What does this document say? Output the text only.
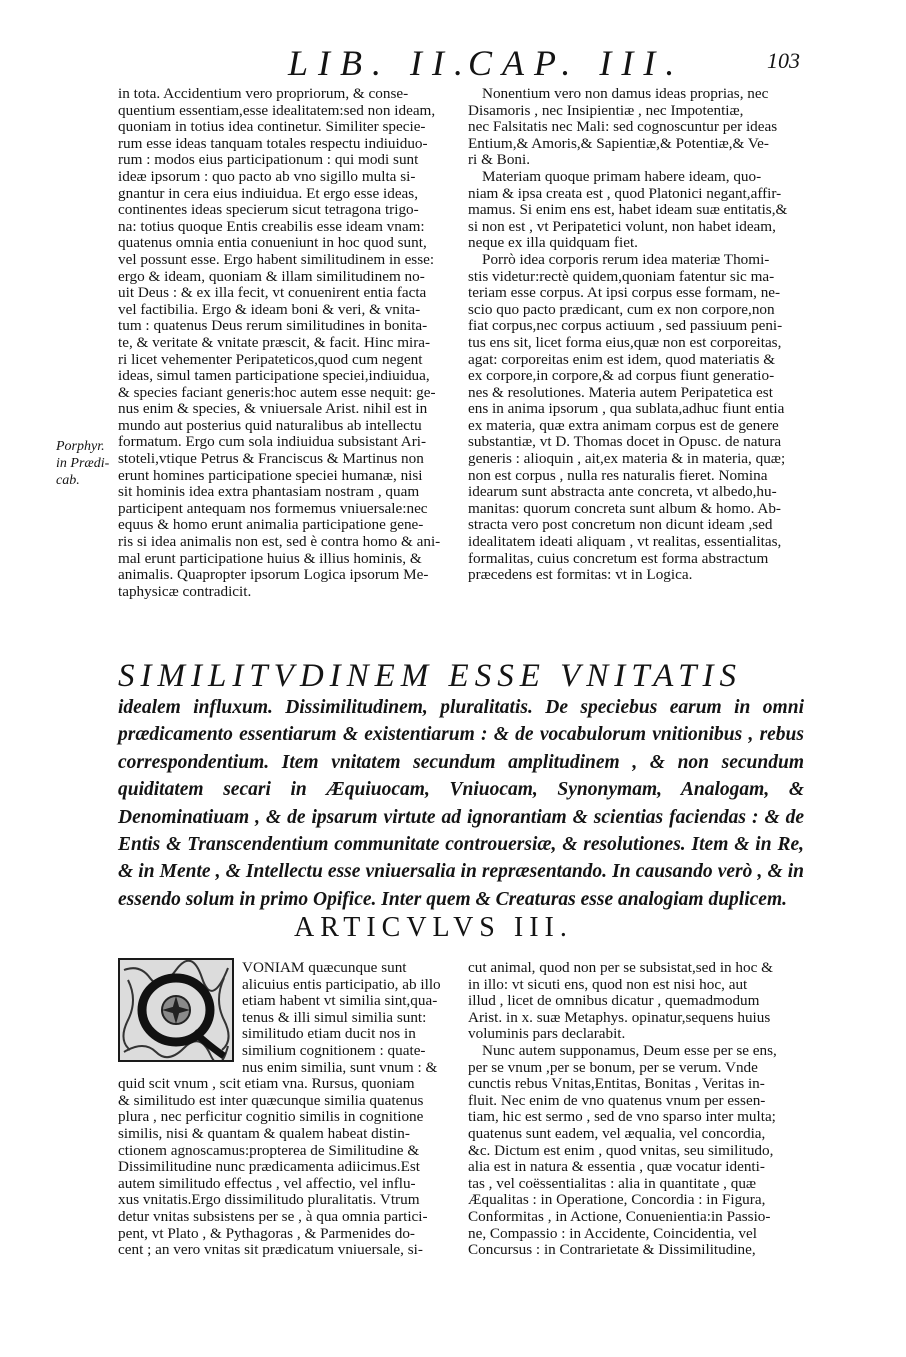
LIB. II.
CAP. III.	103

in tota. Accidentium vero propriorum, & conse-

quentium essentiam,esse idealitatem:sed non ideam,

quoniam in totius idea continetur. Similiter specie-

rum esse ideas tanquam totales respectu indiuiduo-

rum : modos eius participationum : qui modi sunt

ideæ ipsorum : quo pacto ab vno sigillo multa si-

gnantur in cera eius indiuidua. Et ergo esse ideas,

continentes ideas specierum sicut tetragona trigo-

na: totius quoque Entis creabilis esse ideam vnam:

quatenus omnia entia conueniunt in hoc quod sunt,

vel possunt esse. Ergo habent similitudinem in esse:

ergo & ideam, quoniam & illam similitudinem no-

uit Deus : & ex illa fecit, vt conuenirent entia facta

vel factibilia. Ergo & ideam boni & veri, & vnita-

tum : quatenus Deus rerum similitudines in bonita-

te, & veritate & vnitate præscit, & facit. Hinc mira-

ri licet vehementer Peripateticos,quod cum negent

ideas, simul tamen participatione speciei,indiuidua,

& species faciant generis:hoc autem esse nequit: ge-

nus enim & species, & vniuersale Arist. nihil est in

mundo aut posterius quid naturalibus ab intellectu

formatum. Ergo cum sola indiuidua subsistant Ari-

stoteli,vtique Petrus & Franciscus & Martinus non

erunt homines participatione speciei humanæ, nisi

sit hominis idea extra phantasiam nostram , quam

participent antequam nos formemus vniuersale:nec

equus & homo erunt animalia participatione gene-

ris si idea animalis non est, sed è contra homo & ani-

mal erunt participatione huius & illius hominis, &

animalis. Quapropter ipsorum Logica ipsorum Me-

taphysicæ contradicit.

Nonentium vero non damus ideas proprias, nec

Disamoris , nec Insipientiæ , nec Impotentiæ,

nec Falsitatis nec Mali: sed cognoscuntur per ideas

Entium,& Amoris,& Sapientiæ,& Potentiæ,& Ve-

ri & Boni.

Materiam quoque primam habere ideam, quo-

niam & ipsa creata est , quod Platonici negant,affir-

mamus. Si enim ens est, habet ideam suæ entitatis,&

si non est , vt Peripatetici volunt, non habet ideam,

neque ex illa quidquam fiet.

Porrò idea corporis rerum idea materiæ Thomi-

stis videtur:rectè quidem,quoniam fatentur sic ma-

teriam esse corpus. At ipsi corpus esse formam, ne-

scio quo pacto prædicant, cum ex non corpore,non

fiat corpus,nec corpus actiuum , sed passiuum peni-

tus ens sit, licet forma eius,quæ non est corporeitas,

agat: corporeitas enim est idem, quod materiatis &

ex corpore,in corpore,& ad corpus fiunt generatio-

nes & resolutiones. Materia autem Peripatetica est

ens in anima ipsorum , qua sublata,adhuc fiunt entia

ex materia, quæ extra animam corpus est de genere

substantiæ, vt D. Thomas docet in Opusc. de natura

generis : alioquin , ait,ex materia & in materia, quæ;

non est corpus , nulla res naturalis fieret. Nomina

idearum sunt abstracta ante concreta, vt albedo,hu-

manitas: quorum concreta sunt album & homo. Ab-

stracta vero post concretum non dicunt ideam ,sed

idealitatem ideati aliquam , vt realitas, essentialitas,

formalitas, cuius concretum est forma abstractum

præcedens est formitas: vt in Logica.

Porphyr.
in Prædi-
cab.
SIMILITVDINEM ESSE VNITATIS
idealem influxum. Dissimilitudinem, pluralitatis. De speciebus earum in omni prædicamento essentiarum & existentiarum : & de vocabulorum vnitionibus , rebus correspondentium. Item vnitatem secundum amplitudinem , & non secundum quiditatem secari in Æquiuocam, Vniuocam, Synonymam, Analogam, & Denominatiuam , & de ipsarum virtute ad ignorantiam & scientias faciendas : & de Entis & Transcendentium communitate controuersiæ, & resolutiones. Item & in Re, & in Mente , & Intellectu esse vniuersalia in repræsentando. In causando verò , & in essendo solum in primo Opifice. Inter quem & Creaturas esse analogiam duplicem.
ARTICVLVS III.

VONIAM quæcunque sunt

alicuius entis participatio, ab illo

etiam habent vt similia sint,qua-

tenus & illi simul similia sunt:

similitudo etiam ducit nos in

similium cognitionem : quate-

nus enim similia, sunt vnum : &

quid scit vnum , scit etiam vna. Rursus, quoniam

& similitudo est inter quæcunque similia quatenus

plura , nec perficitur cognitio similis in cognitione

similis, nisi & quantam & qualem habeat distin-

ctionem agnoscamus:propterea de Similitudine &

Dissimilitudine nunc prædicamenta adiicimus.Est

autem similitudo effectus , vel affectio, vel influ-

xus vnitatis.Ergo dissimilitudo pluralitatis. Vtrum

detur vnitas subsistens per se , à qua omnia partici-

pent, vt Plato , & Pythagoras , & Parmenides do-

cent ; an vero vnitas sit prædicatum vniuersale, si-

cut animal, quod non per se subsistat,sed in hoc &

in illo: vt sicuti ens, quod non est nisi hoc, aut

illud , licet de omnibus dicatur , quemadmodum

Arist. in x. suæ Metaphys. opinatur,sequens huius

voluminis pars declarabit.

Nunc autem supponamus, Deum esse per se ens,

per se vnum ,per se bonum, per se verum. Vnde

cunctis rebus Vnitas,Entitas, Bonitas , Veritas in-

fluit. Nec enim de vno quatenus vnum per essen-

tiam, hic est sermo , sed de vno sparso inter multa;

quatenus sunt eadem, vel æqualia, vel concordia,

&c. Dictum est enim , quod vnitas, seu similitudo,

alia est in natura & essentia , quæ vocatur identi-

tas , vel coëssentialitas : alia in quantitate , quæ

Æqualitas : in Operatione, Concordia : in Figura,

Conformitas , in Actione, Conuenientia:in Passio-

ne, Compassio : in Accidente, Coincidentia, vel

Concursus : in Contrarietate & Dissimilitudine,
